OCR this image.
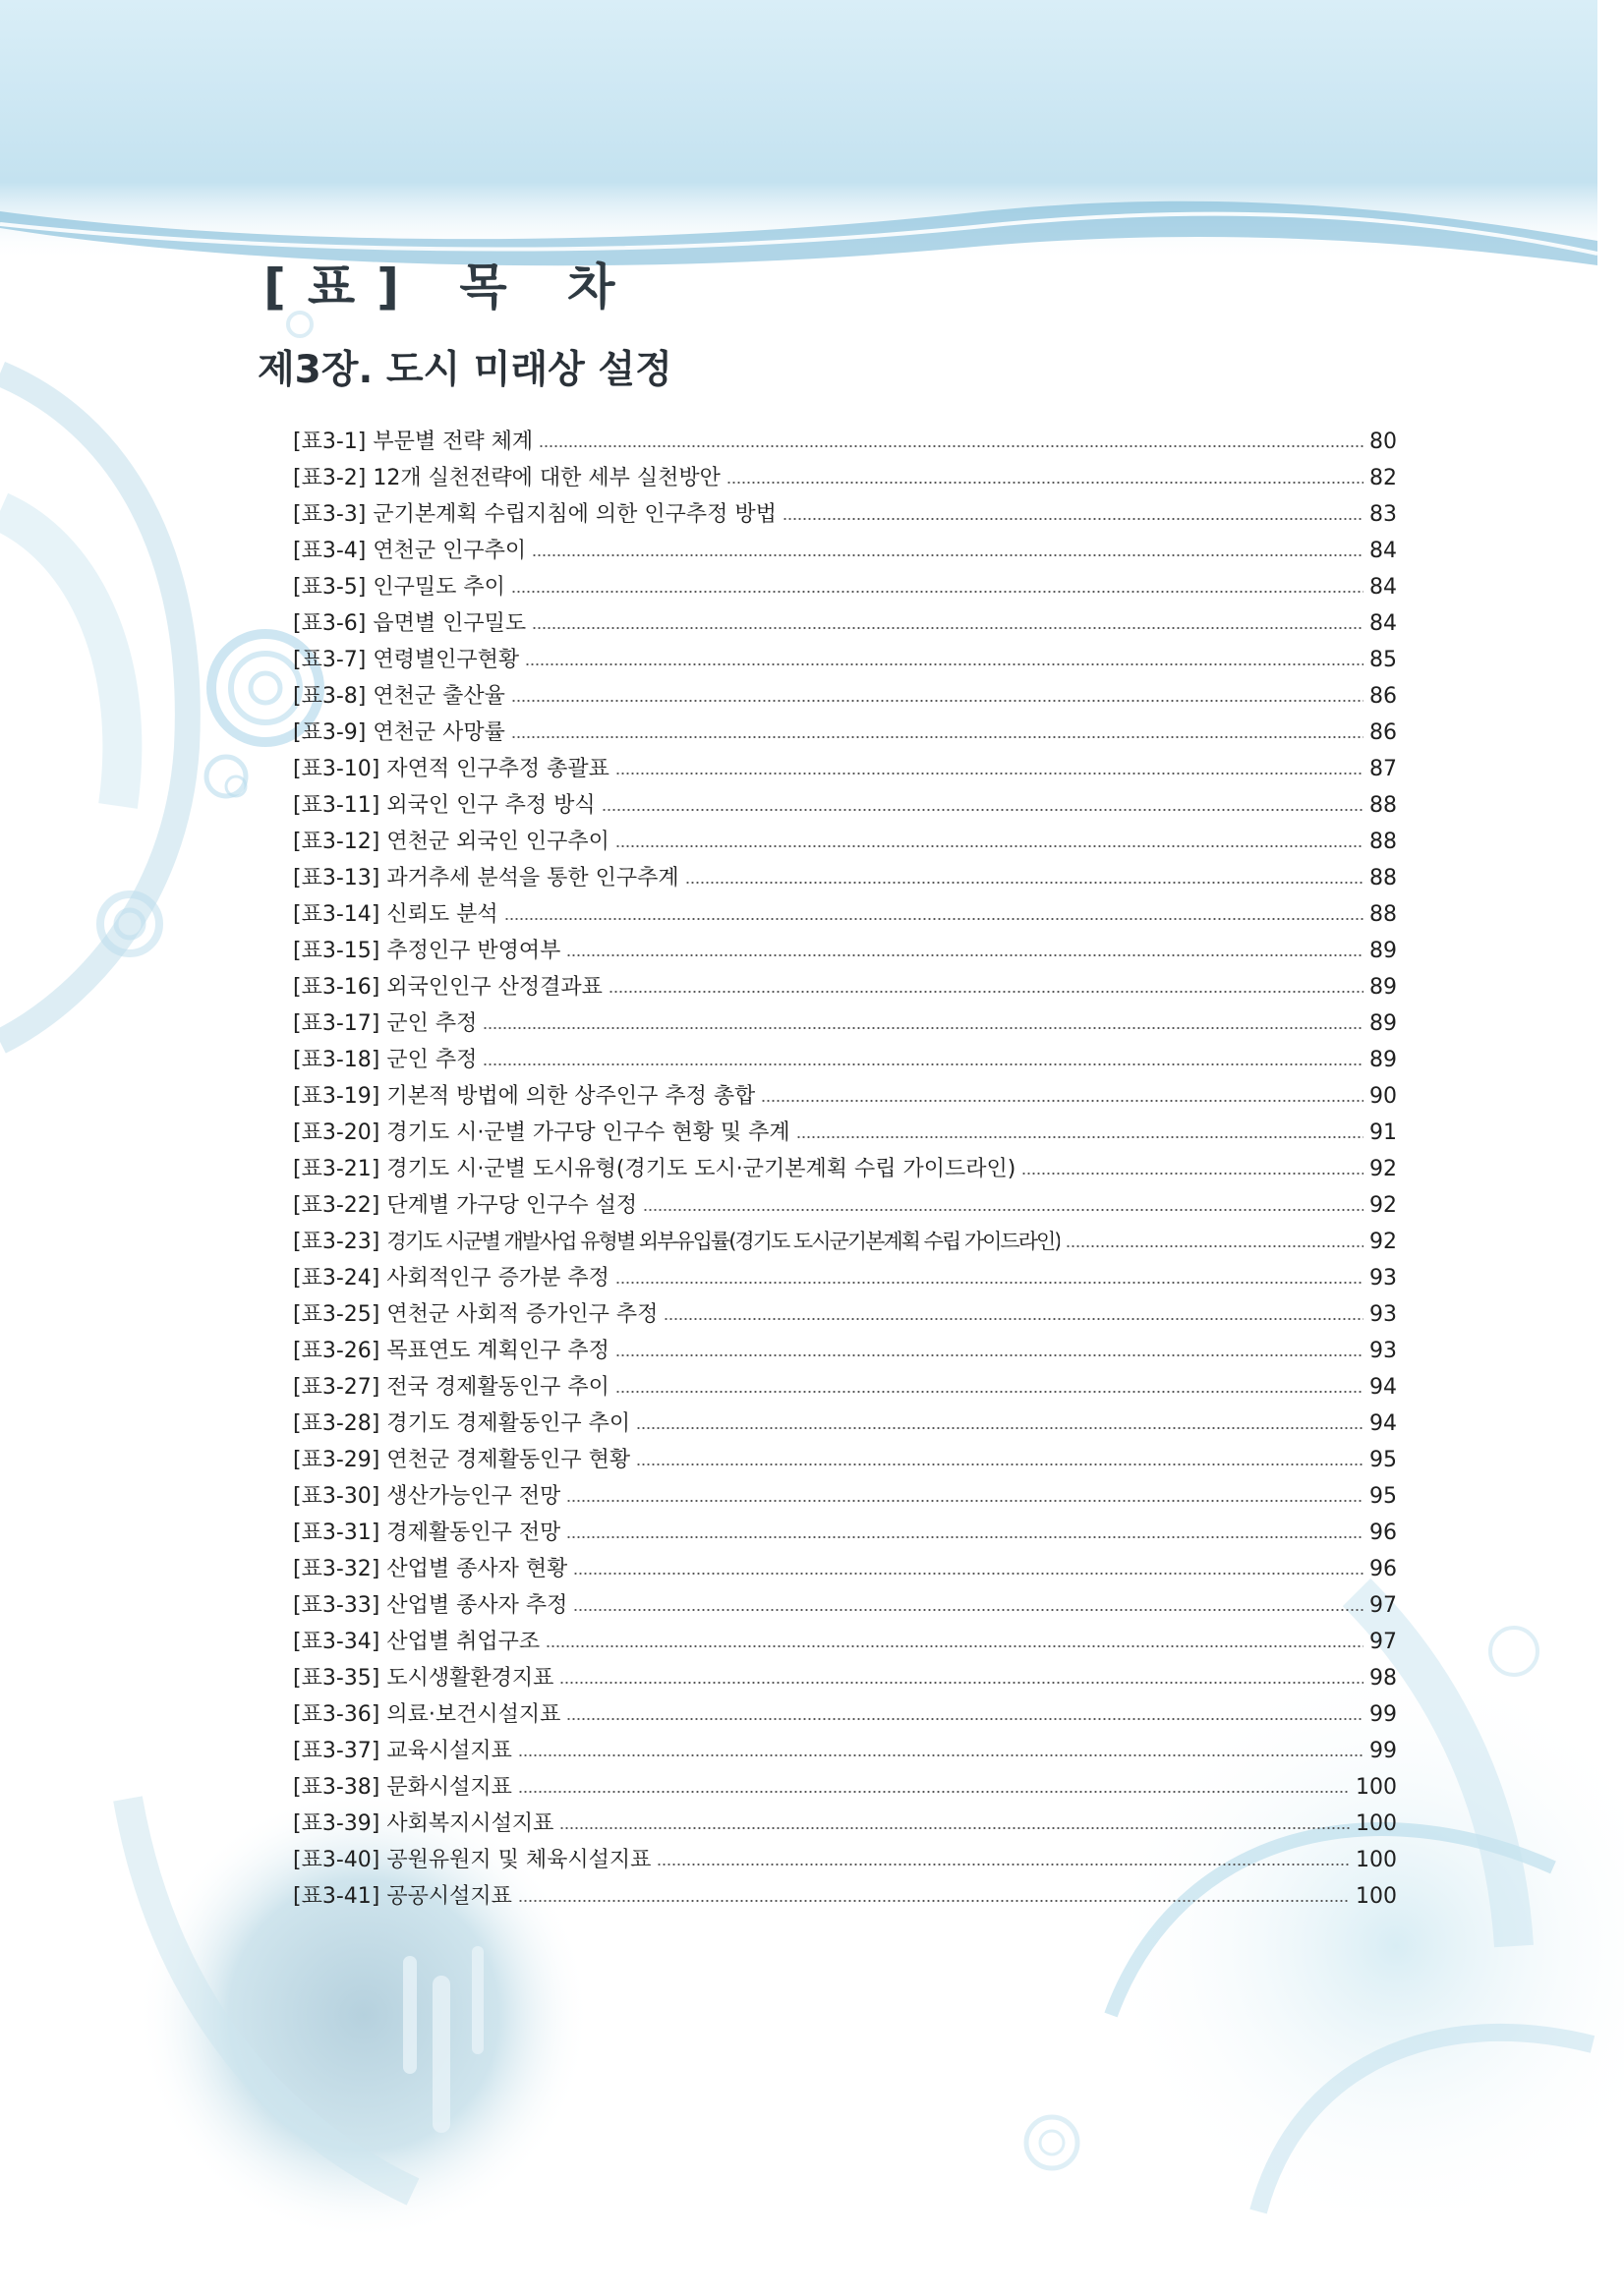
[표] 목 차
제3장. 도시 미래상 설정
[표3-1] 부문별 전략 체계	80
[표3-2] 12개 실천전략에 대한 세부 실천방안	82
[표3-3] 군기본계획 수립지침에 의한 인구추정 방법	83
[표3-4] 연천군 인구추이	84
[표3-5] 인구밀도 추이	84
[표3-6] 읍면별 인구밀도	84
[표3-7] 연령별인구현황	85
[표3-8] 연천군 출산율	86
[표3-9] 연천군 사망률	86
[표3-10] 자연적 인구추정 총괄표	87
[표3-11] 외국인 인구 추정 방식	88
[표3-12] 연천군 외국인 인구추이	88
[표3-13] 과거추세 분석을 통한 인구추계	88
[표3-14] 신뢰도 분석	88
[표3-15] 추정인구 반영여부	89
[표3-16] 외국인인구 산정결과표	89
[표3-17] 군인 추정	89
[표3-18] 군인 추정	89
[표3-19] 기본적 방법에 의한 상주인구 추정 총합	90
[표3-20] 경기도 시·군별 가구당 인구수 현황 및 추계	91
[표3-21] 경기도 시·군별 도시유형(경기도 도시·군기본계획 수립 가이드라인)	92
[표3-22] 단계별 가구당 인구수 설정	92
[표3-23] 경기도 시군별 개발사업 유형별 외부유입률(경기도 도시군기본계획 수립 가이드라인)	92
[표3-24] 사회적인구 증가분 추정	93
[표3-25] 연천군 사회적 증가인구 추정	93
[표3-26] 목표연도 계획인구 추정	93
[표3-27] 전국 경제활동인구 추이	94
[표3-28] 경기도 경제활동인구 추이	94
[표3-29] 연천군 경제활동인구 현황	95
[표3-30] 생산가능인구 전망	95
[표3-31] 경제활동인구 전망	96
[표3-32] 산업별 종사자 현황	96
[표3-33] 산업별 종사자 추정	97
[표3-34] 산업별 취업구조	97
[표3-35] 도시생활환경지표	98
[표3-36] 의료·보건시설지표	99
[표3-37] 교육시설지표	99
[표3-38] 문화시설지표	100
[표3-39] 사회복지시설지표	100
[표3-40] 공원유원지 및 체육시설지표	100
[표3-41] 공공시설지표	100
